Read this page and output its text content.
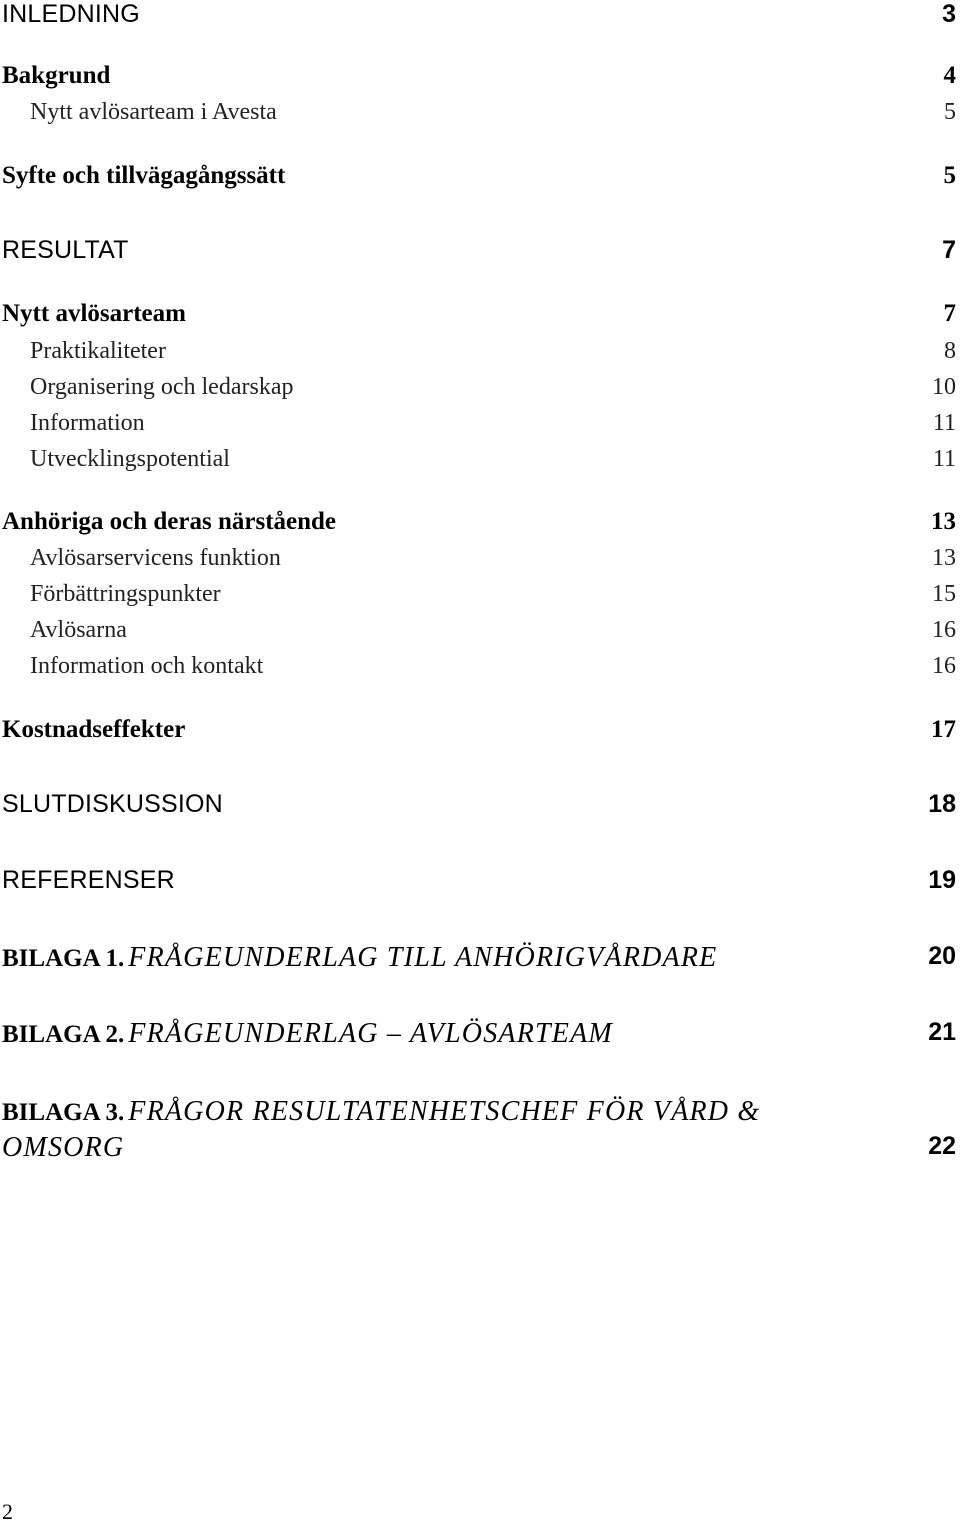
INLEDNING	3
Bakgrund	4
Nytt avlösarteam i Avesta	5
Syfte och tillvägagångssätt	5
RESULTAT	7
Nytt avlösarteam	7
Praktikaliteter	8
Organisering och ledarskap	10
Information	11
Utvecklingspotential	11
Anhöriga och deras närstående	13
Avlösarservicens funktion	13
Förbättringspunkter	15
Avlösarna	16
Information och kontakt	16
Kostnadseffekter	17
SLUTDISKUSSION	18
REFERENSER	19
BILAGA 1. FRÅGEUNDERLAG TILL ANHÖRIGVÅRDARE	20
BILAGA 2. FRÅGEUNDERLAG – AVLÖSARTEAM	21
BILAGA 3. FRÅGOR RESULTATENHETSCHEF FÖR VÅRD &
OMSORG	22
2
